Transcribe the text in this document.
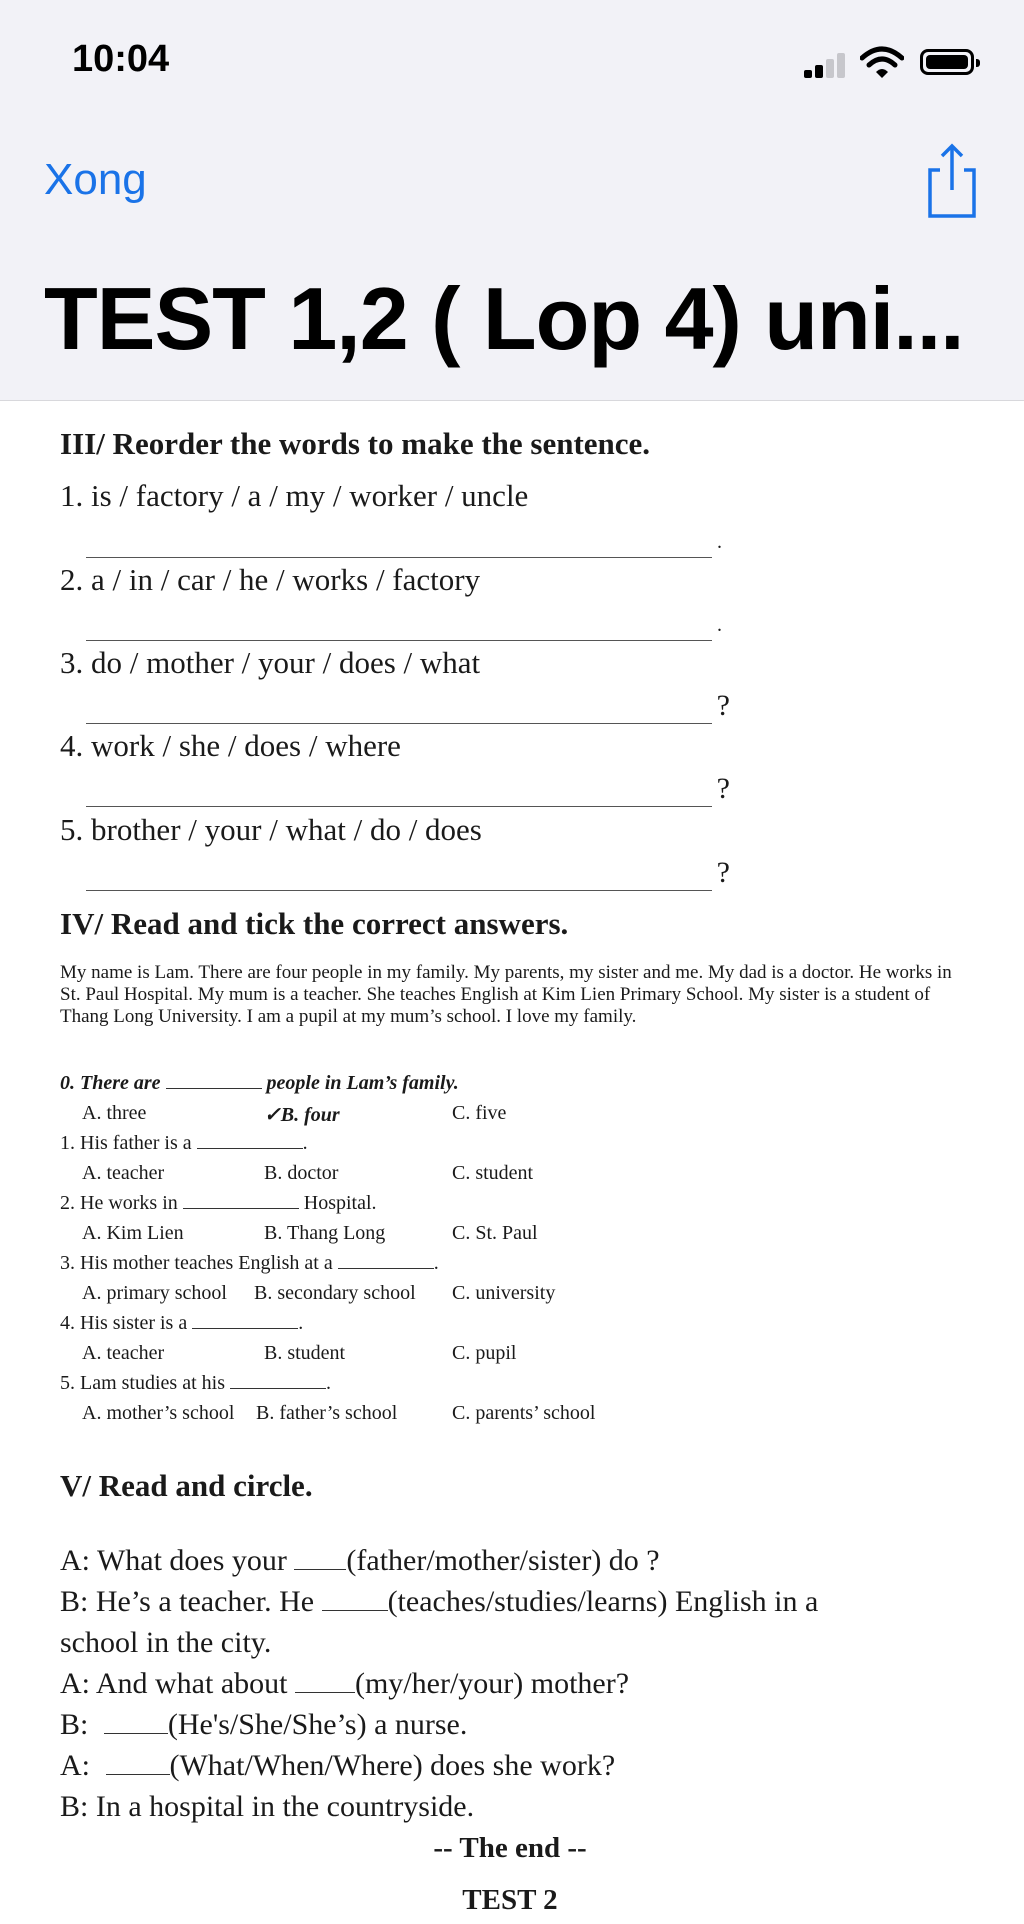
10:04
Xong
TEST 1,2 ( Lop 4) uni...
III/ Reorder the words to make the sentence.
1. is / factory / a / my / worker / uncle
.
2. a / in / car / he / works / factory
.
3. do / mother / your / does / what
?
4. work / she / does / where
?
5. brother / your / what / do / does
?
IV/ Read and tick the correct answers.
My name is Lam. There are four people in my family. My parents, my sister and me. My dad is a doctor. He works in St. Paul Hospital. My mum is a teacher. She teaches English at Kim Lien Primary School. My sister is a student of Thang Long University. I am a pupil at my mum’s school. I love my family.
0. There are	people in Lam’s family.
A. three	✓B. four	C. five
1. His father is a	.
A. teacher	B. doctor	C. student
2. He works in	Hospital.
A. Kim Lien	B. Thang Long	C. St. Paul
3. His mother teaches English at a	.
A. primary school B. secondary school C. university
4. His sister is a	.
A. teacher	B. student	C. pupil
5. Lam studies at his	.
A. mother’s school B. father’s school	C. parents’ school
V/ Read and circle.
A: What does your (father/mother/sister) do ?
B: He’s a teacher. He (teaches/studies/learns) English in a
school in the city.
A: And what about (my/her/your) mother?
B: (He's/She/She’s) a nurse.
A: (What/When/Where) does she work?
B: In a hospital in the countryside.
-- The end --
TEST 2
